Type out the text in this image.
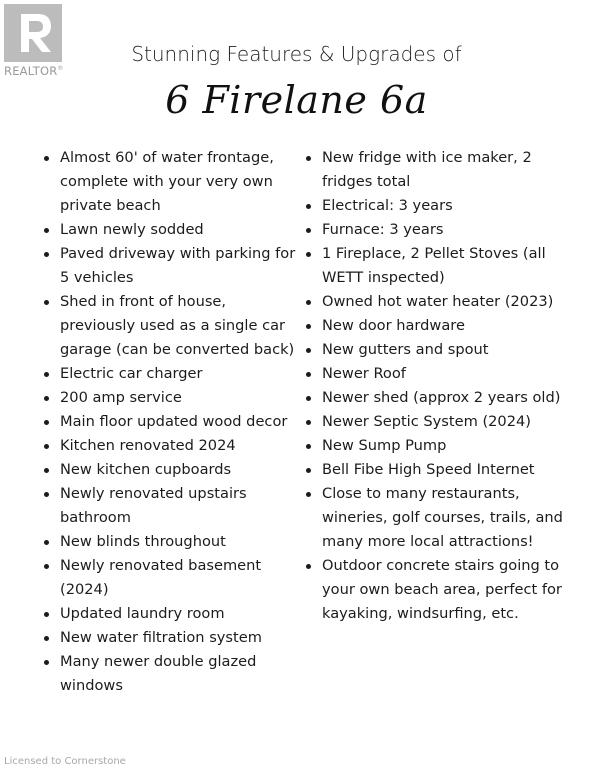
REALTOR®
Stunning Features & Upgrades of
6 Firelane 6a
Almost 60' of water frontage, complete with your very own private beach
Lawn newly sodded
Paved driveway with parking for 5 vehicles
Shed in front of house, previously used as a single car garage (can be converted back)
Electric car charger
200 amp service
Main floor updated wood decor
Kitchen renovated 2024
New kitchen cupboards
Newly renovated upstairs bathroom
New blinds throughout
Newly renovated basement (2024)
Updated laundry room
New water filtration system
Many newer double glazed windows
New fridge with ice maker, 2 fridges total
Electrical: 3 years
Furnace: 3 years
1 Fireplace, 2 Pellet Stoves (all WETT inspected)
Owned hot water heater (2023)
New door hardware
New gutters and spout
Newer Roof
Newer shed (approx 2 years old)
Newer Septic System (2024)
New Sump Pump
Bell Fibe High Speed Internet
Close to many restaurants, wineries, golf courses, trails, and many more local attractions!
Outdoor concrete stairs going to your own beach area, perfect for kayaking, windsurfing, etc.
Licensed to Cornerstone
